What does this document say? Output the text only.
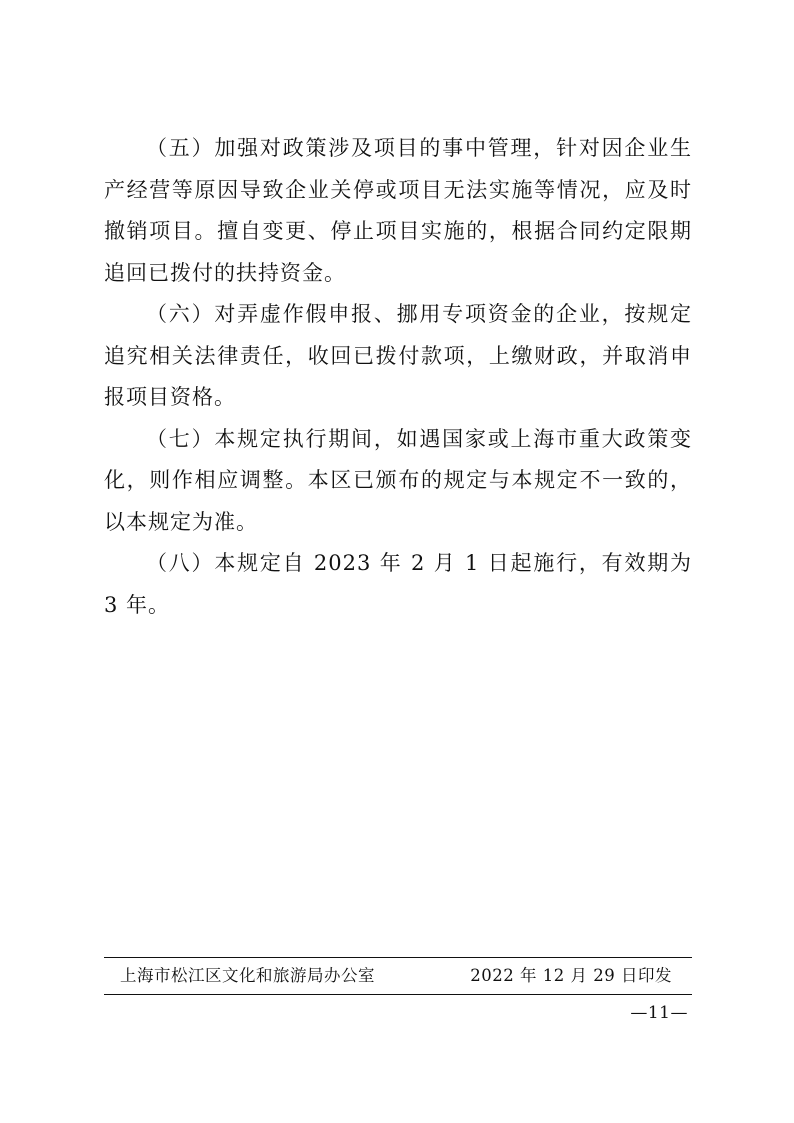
（五）加强对政策涉及项目的事中管理，针对因企业生产经营等原因导致企业关停或项目无法实施等情况，应及时撤销项目。擅自变更、停止项目实施的，根据合同约定限期追回已拨付的扶持资金。

（六）对弄虚作假申报、挪用专项资金的企业，按规定追究相关法律责任，收回已拨付款项，上缴财政，并取消申报项目资格。

（七）本规定执行期间，如遇国家或上海市重大政策变化，则作相应调整。本区已颁布的规定与本规定不一致的，以本规定为准。

（八）本规定自 2023 年 2 月 1 日起施行，有效期为 3 年。

上海市松江区文化和旅游局办公室	2022 年 12 月 29 日印发
—11—
